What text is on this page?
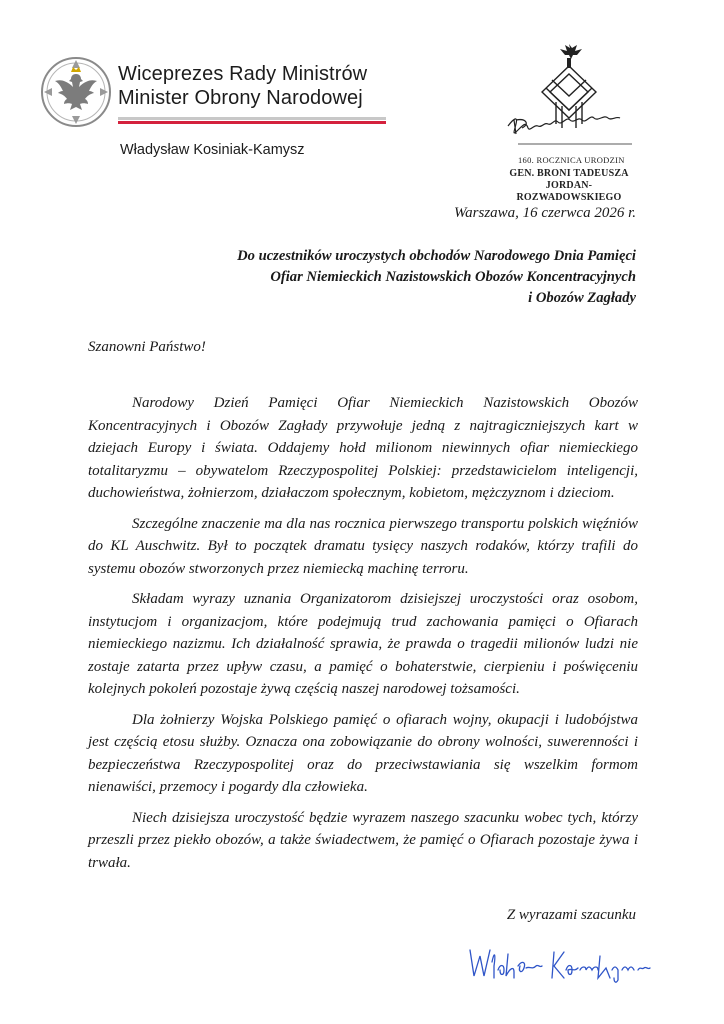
Wiceprezes Rady Ministrów
Minister Obrony Narodowej
Władysław Kosiniak-Kamysz
160. ROCZNICA URODZIN
GEN. BRONI TADEUSZA
JORDAN-ROZWADOWSKIEGO
Warszawa, 16 czerwca 2026 r.
Do uczestników uroczystych obchodów Narodowego Dnia Pamięci
Ofiar Niemieckich Nazistowskich Obozów Koncentracyjnych
i Obozów Zagłady
Szanowni Państwo!

Narodowy Dzień Pamięci Ofiar Niemieckich Nazistowskich Obozów Koncentracyjnych i Obozów Zagłady przywołuje jedną z najtragiczniejszych kart w dziejach Europy i świata. Oddajemy hołd milionom niewinnych ofiar niemieckiego totalitaryzmu – obywatelom Rzeczypospolitej Polskiej: przedstawicielom inteligencji, duchowieństwa, żołnierzom, działaczom społecznym, kobietom, mężczyznom i dzieciom.

Szczególne znaczenie ma dla nas rocznica pierwszego transportu polskich więźniów do KL Auschwitz. Był to początek dramatu tysięcy naszych rodaków, którzy trafili do systemu obozów stworzonych przez niemiecką machinę terroru.

Składam wyrazy uznania Organizatorom dzisiejszej uroczystości oraz osobom, instytucjom i organizacjom, które podejmują trud zachowania pamięci o Ofiarach niemieckiego nazizmu. Ich działalność sprawia, że prawda o tragedii milionów ludzi nie zostaje zatarta przez upływ czasu, a pamięć o bohaterstwie, cierpieniu i poświęceniu kolejnych pokoleń pozostaje żywą częścią naszej narodowej tożsamości.

Dla żołnierzy Wojska Polskiego pamięć o ofiarach wojny, okupacji i ludobójstwa jest częścią etosu służby. Oznacza ona zobowiązanie do obrony wolności, suwerenności i bezpieczeństwa Rzeczypospolitej oraz do przeciwstawiania się wszelkim formom nienawiści, przemocy i pogardy dla człowieka.

Niech dzisiejsza uroczystość będzie wyrazem naszego szacunku wobec tych, którzy przeszli przez piekło obozów, a także świadectwem, że pamięć o Ofiarach pozostaje żywa i trwała.

Z wyrazami szacunku
